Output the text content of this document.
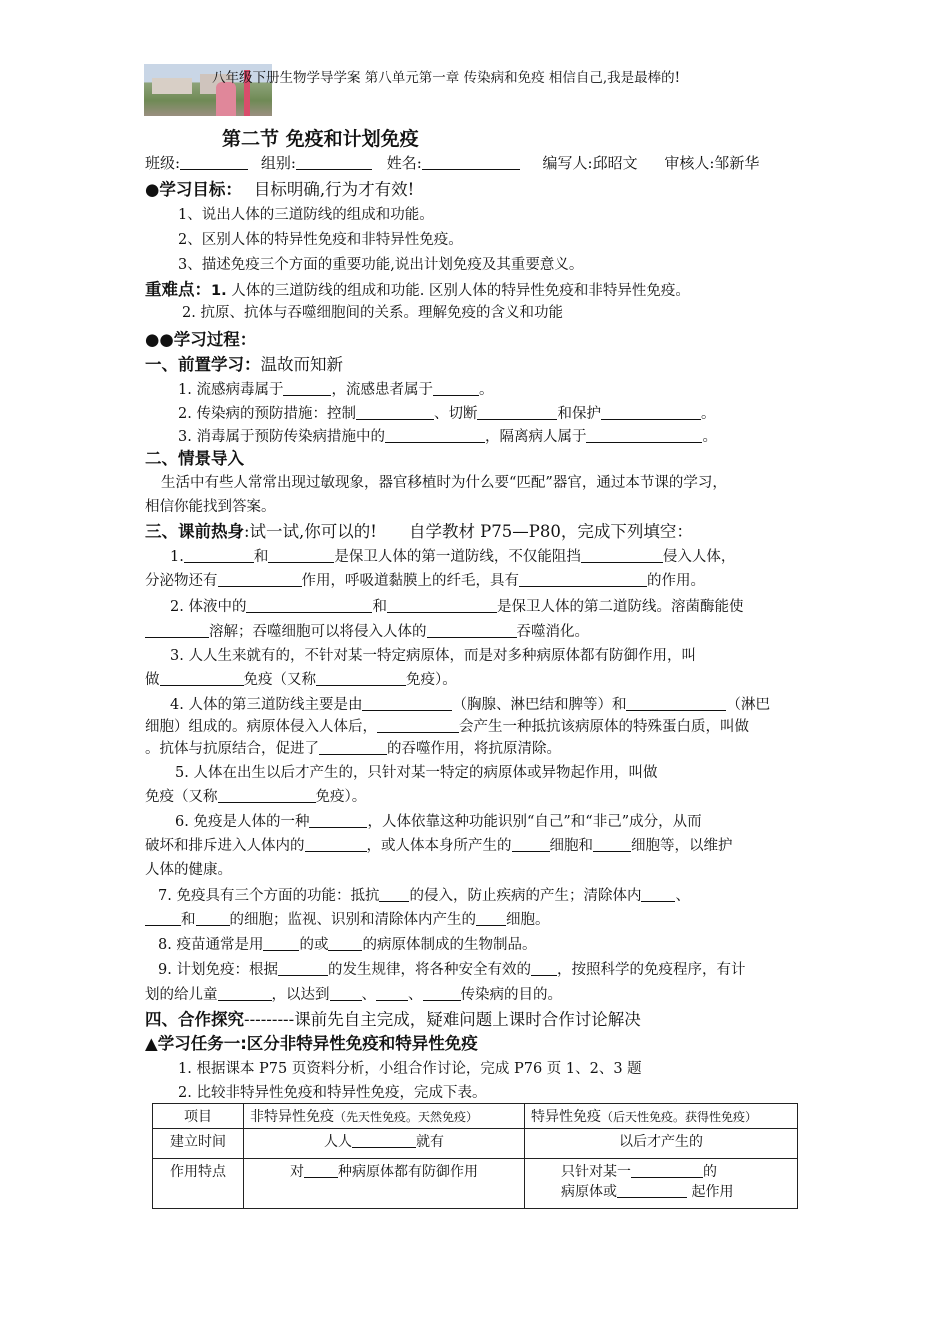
八年级下册生物学导学案 第八单元第一章 传染病和免疫 相信自己,我是最棒的!
第二节 免疫和计划免疫
班级:	组别:	姓名:	编写人:邱昭文 审核人:邹新华
●学习目标： 目标明确,行为才有效!
1、说出人体的三道防线的组成和功能。
2、区别人体的特异性免疫和非特异性免疫。
3、描述免疫三个方面的重要功能,说出计划免疫及其重要意义。
重难点：1. 人体的三道防线的组成和功能. 区别人体的特异性免疫和非特异性免疫。
2. 抗原、抗体与吞噬细胞间的关系。理解免疫的含义和功能
●●学习过程：
一、前置学习：温故而知新
1. 流感病毒属于	，流感患者属于	。
2. 传染病的预防措施：控制	、切断	和保护	。
3. 消毒属于预防传染病措施中的	，隔离病人属于	。
二、情景导入
生活中有些人常常出现过敏现象，器官移植时为什么要“匹配”器官，通过本节课的学习，
相信你能找到答案。
三、课前热身:试一试,你可以的! 自学教材 P75—P80，完成下列填空：
1.	和	是保卫人体的第一道防线，不仅能阻挡	侵入人体，
分泌物还有	作用，呼吸道黏膜上的纤毛，具有	的作用。
2. 体液中的	和	是保卫人体的第二道防线。溶菌酶能使
溶解；吞噬细胞可以将侵入人体的	吞噬消化。
3. 人人生来就有的，不针对某一特定病原体，而是对多种病原体都有防御作用，叫
做	免疫（又称	免疫）。
4. 人体的第三道防线主要是由	（胸腺、淋巴结和脾等）和	（淋巴
细胞）组成的。病原体侵入人体后，	会产生一种抵抗该病原体的特殊蛋白质，叫做
。抗体与抗原结合，促进了	的吞噬作用，将抗原清除。
5. 人体在出生以后才产生的，只针对某一特定的病原体或异物起作用，叫做
免疫（又称	免疫）。
6. 免疫是人体的一种	，人体依靠这种功能识别“自己”和“非己”成分，从而
破坏和排斥进入人体内的	，或人体本身所产生的	细胞和	细胞等，以维护
人体的健康。
7. 免疫具有三个方面的功能：抵抗 的侵入，防止疾病的产生；清除体内 、
和 的细胞；监视、识别和清除体内产生的 细胞。
8. 疫苗通常是用 的或 的病原体制成的生物制品。
9. 计划免疫：根据	的发生规律，将各种安全有效的 ，按照科学的免疫程序，有计
划的给儿童	，以达到 、 、	传染病的目的。
四、合作探究---------课前先自主完成，疑难问题上课时合作讨论解决
▲学习任务一:区分非特异性免疫和特异性免疫
1. 根据课本 P75 页资料分析，小组合作讨论，完成 P76 页 1、2、3 题
2. 比较非特异性免疫和特异性免疫，完成下表。
项目	非特异性免疫（先天性免疫。天然免疫）	特异性免疫（后天性免疫。获得性免疫）
建立时间	人人 就有	以后才产生的
作用特点	对 种病原体都有防御作用	只针对某一 的
病原体或 起作用
